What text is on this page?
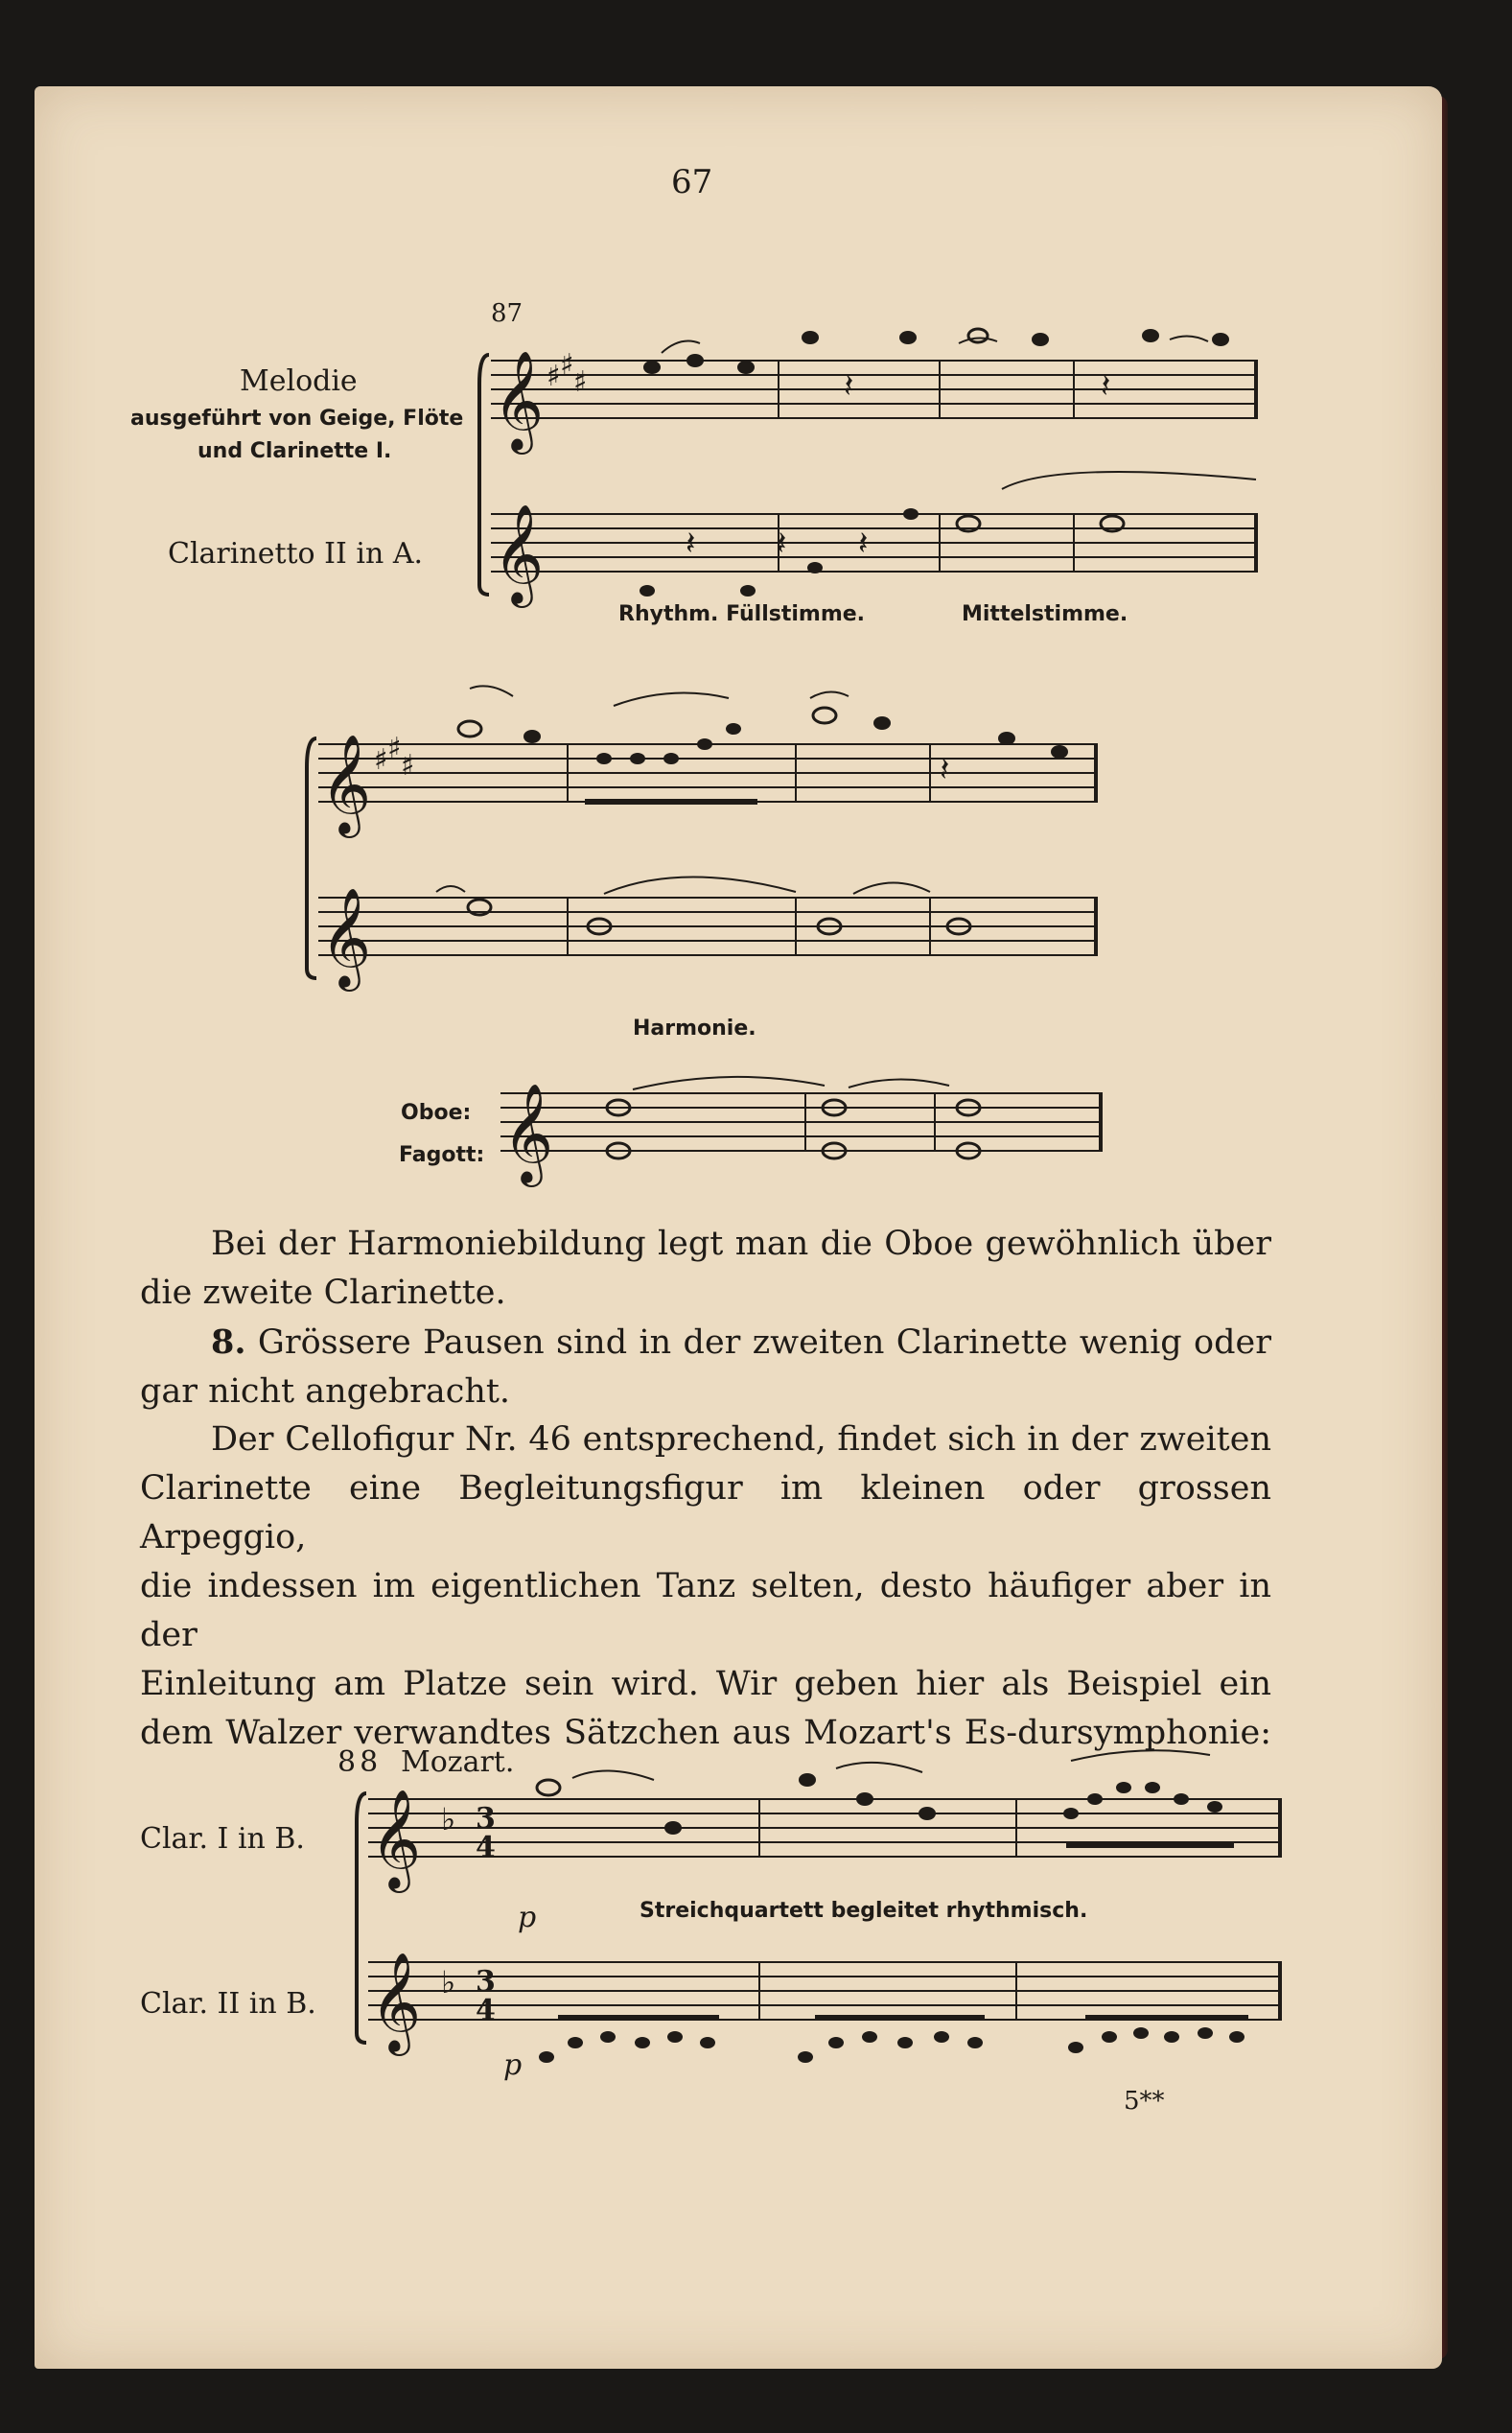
67
87
Melodie
ausgeführt von Geige, Flöte
und Clarinette I.
Clarinetto II in A.
Rhythm. Füllstimme.	Mittelstimme.
Harmonie.
Oboe:
Fagott:
𝄞
𝄞
♯ ♯
♯	𝄽	𝄽
𝄽 𝄽 𝄽
𝄞
𝄞
♯ ♯
♯	𝄽
𝄞
Bei der Harmoniebildung legt man die Oboe gewöhnlich über
die zweite Clarinette.
8. Grössere Pausen sind in der zweiten Clarinette wenig oder
gar nicht angebracht.
Der Cellofigur Nr. 46 entsprechend, findet sich in der zweiten
Clarinette eine Begleitungsfigur im kleinen oder grossen Arpeggio,
die indessen im eigentlichen Tanz selten, desto häufiger aber in der
Einleitung am Platze sein wird. Wir geben hier als Beispiel ein
dem Walzer verwandtes Sätzchen aus Mozart's Es-dursymphonie:
88 Mozart.
Clar. I in B.
Clar. II in B.
p
p
Streichquartett begleitet rhythmisch.
5**
𝄞
𝄞
♭
♭
3
4
3
4
